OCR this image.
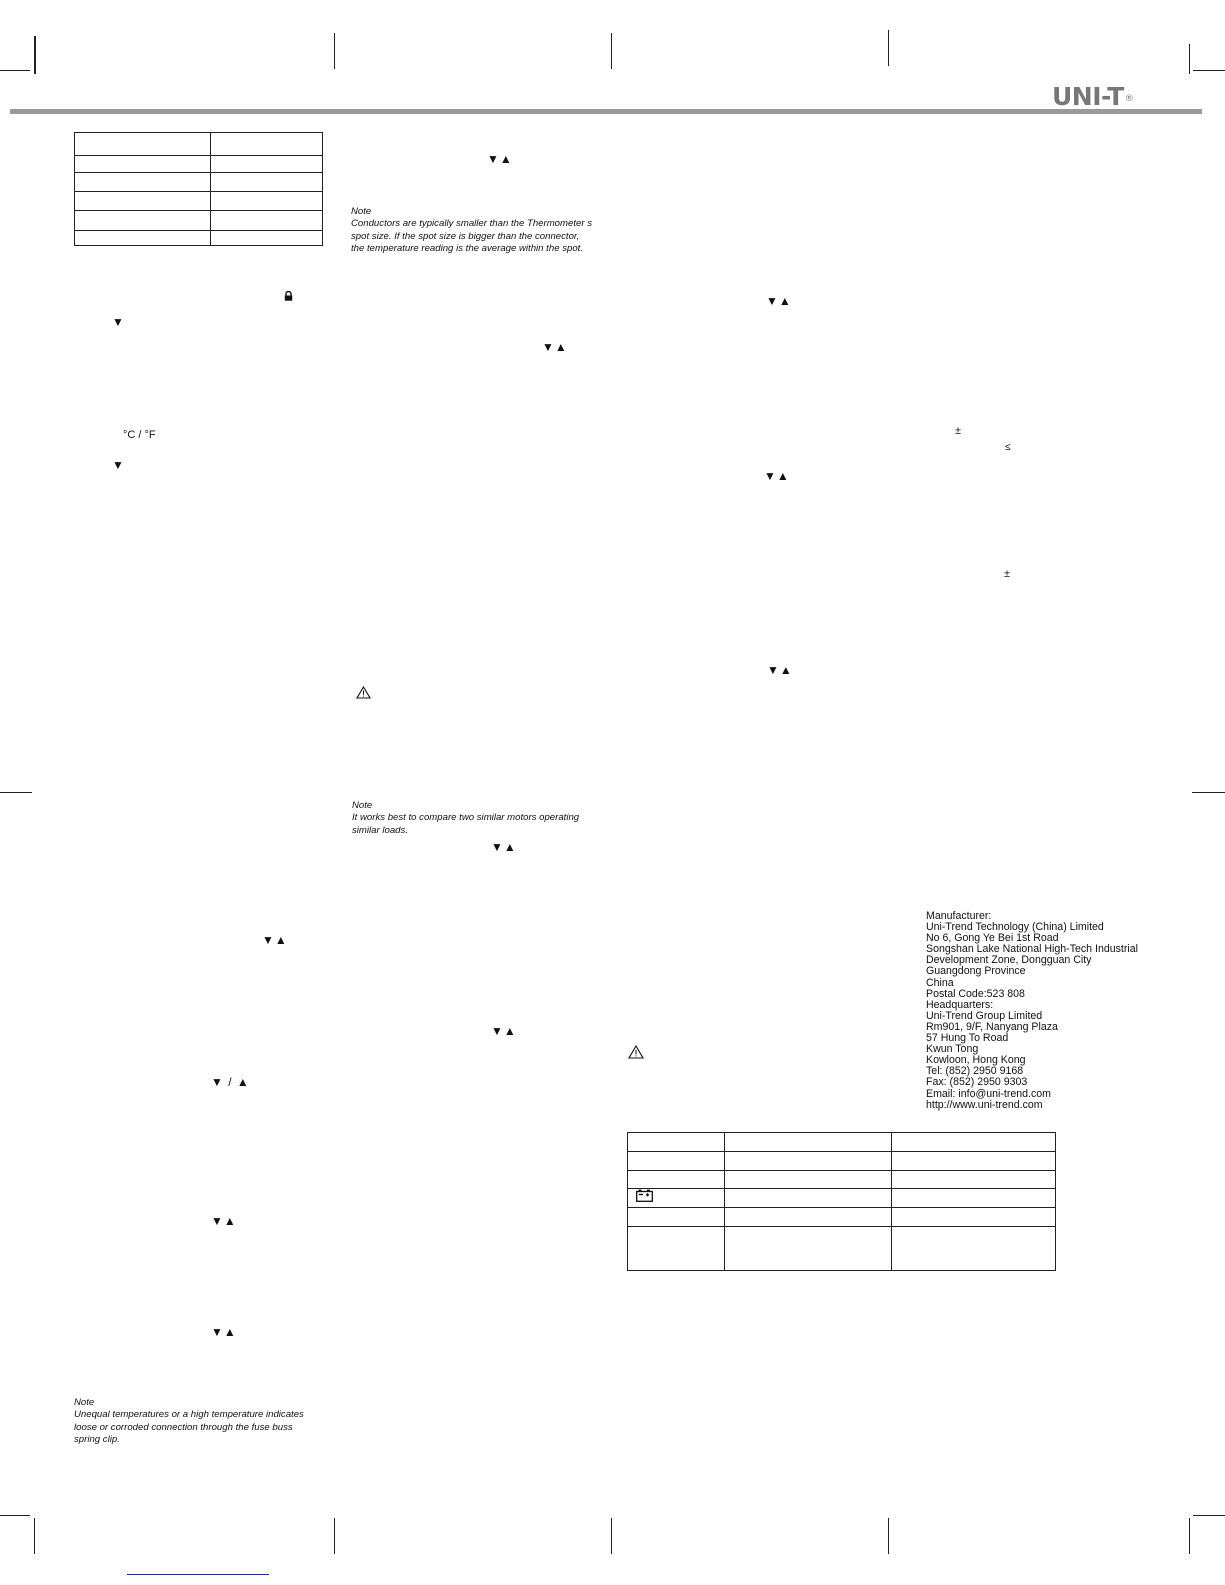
UNI-T®

▼
°C / °F
▼
▼▲
▼ / ▲
▼▲
▼▲
Note
Unequal temperatures or a high temperature indicates
loose or corroded connection through the fuse buss
spring clip.
▼▲
Note
Conductors are typically smaller than the Thermometer s
spot size. If the spot size is bigger than the connector,
the temperature reading is the average within the spot.
▼▲
Note
It works best to compare two similar motors operating
similar loads.
▼▲
▼▲
▼▲
±
≤
▼▲
±
▼▲
Manufacturer:
Uni-Trend Technology (China) Limited
No 6, Gong Ye Bei 1st Road
Songshan Lake National High-Tech Industrial
Development Zone, Dongguan City
Guangdong Province
China
Postal Code:523 808
Headquarters:
Uni-Trend Group Limited
Rm901, 9/F, Nanyang Plaza
57 Hung To Road
Kwun Tong
Kowloon, Hong Kong
Tel: (852) 2950 9168
Fax: (852) 2950 9303
Email: info@uni-trend.com
http://www.uni-trend.com
